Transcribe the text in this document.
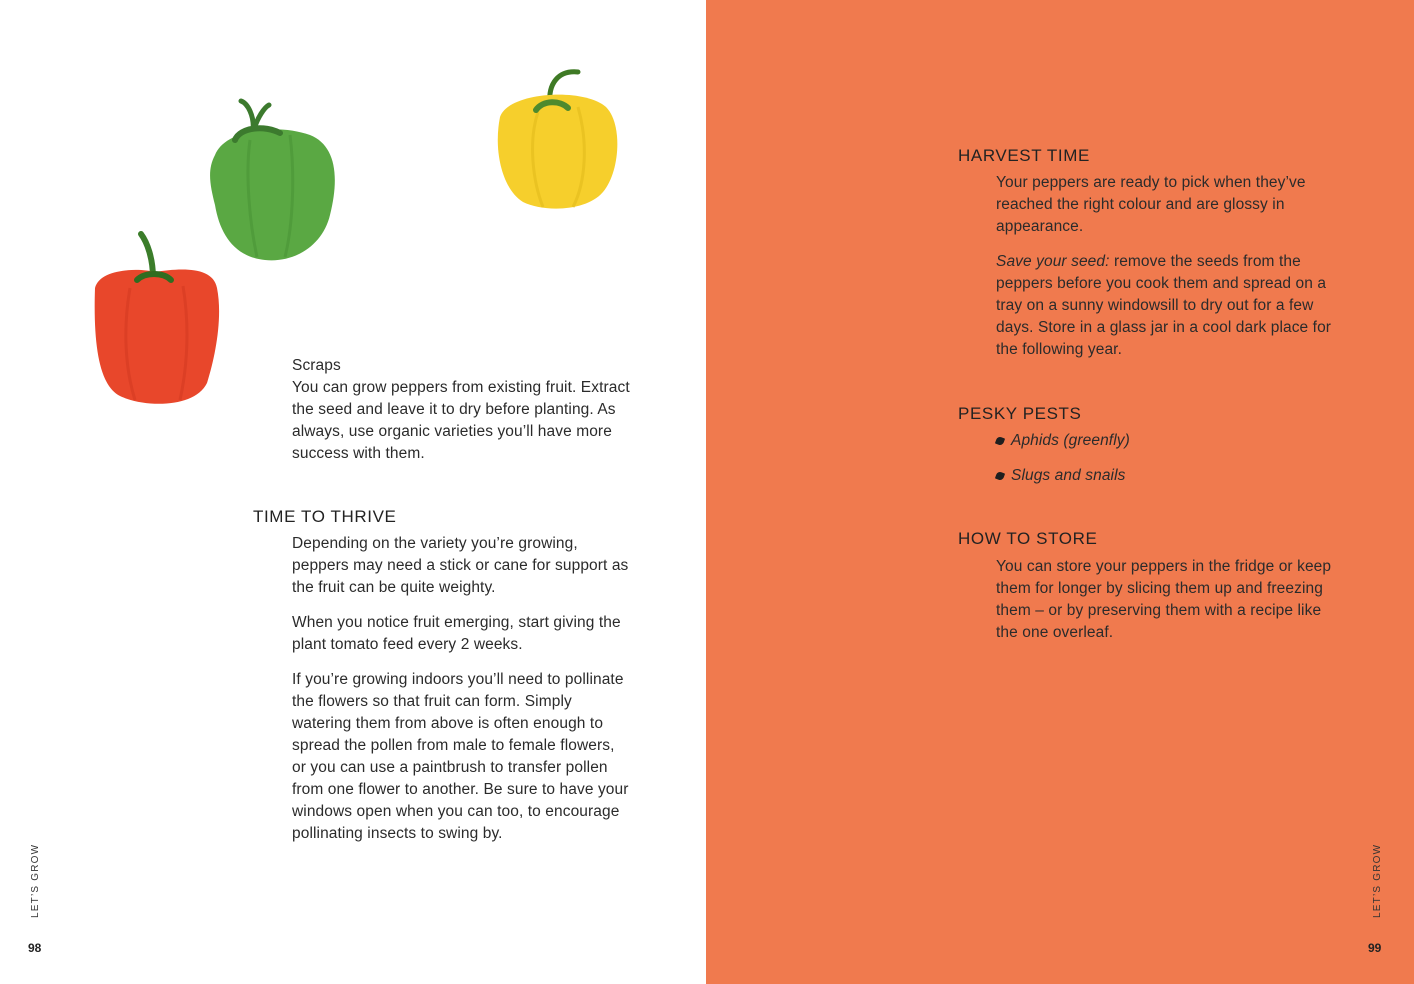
Scraps
You can grow peppers from existing fruit. Extract the seed and leave it to dry before planting. As always, use organic varieties you’ll have more success with them.
TIME TO THRIVE

Depending on the variety you’re growing, peppers may need a stick or cane for support as the fruit can be quite weighty.

When you notice fruit emerging, start giving the plant tomato feed every 2 weeks.

If you’re growing indoors you’ll need to pollinate the flowers so that fruit can form. Simply watering them from above is often enough to spread the pollen from male to female flowers, or you can use a paintbrush to transfer pollen from one flower to another. Be sure to have your windows open when you can too, to encourage pollinating insects to swing by.

LET’S GROW
98
HARVEST TIME

Your peppers are ready to pick when they’ve reached the right colour and are glossy in appearance.

Save your seed: remove the seeds from the peppers before you cook them and spread on a tray on a sunny windowsill to dry out for a few days. Store in a glass jar in a cool dark place for the following year.

PESKY PESTS
Aphids (greenfly)
Slugs and snails
HOW TO STORE

You can store your peppers in the fridge or keep them for longer by slicing them up and freezing them – or by preserving them with a recipe like the one overleaf.

LET’S GROW
99
